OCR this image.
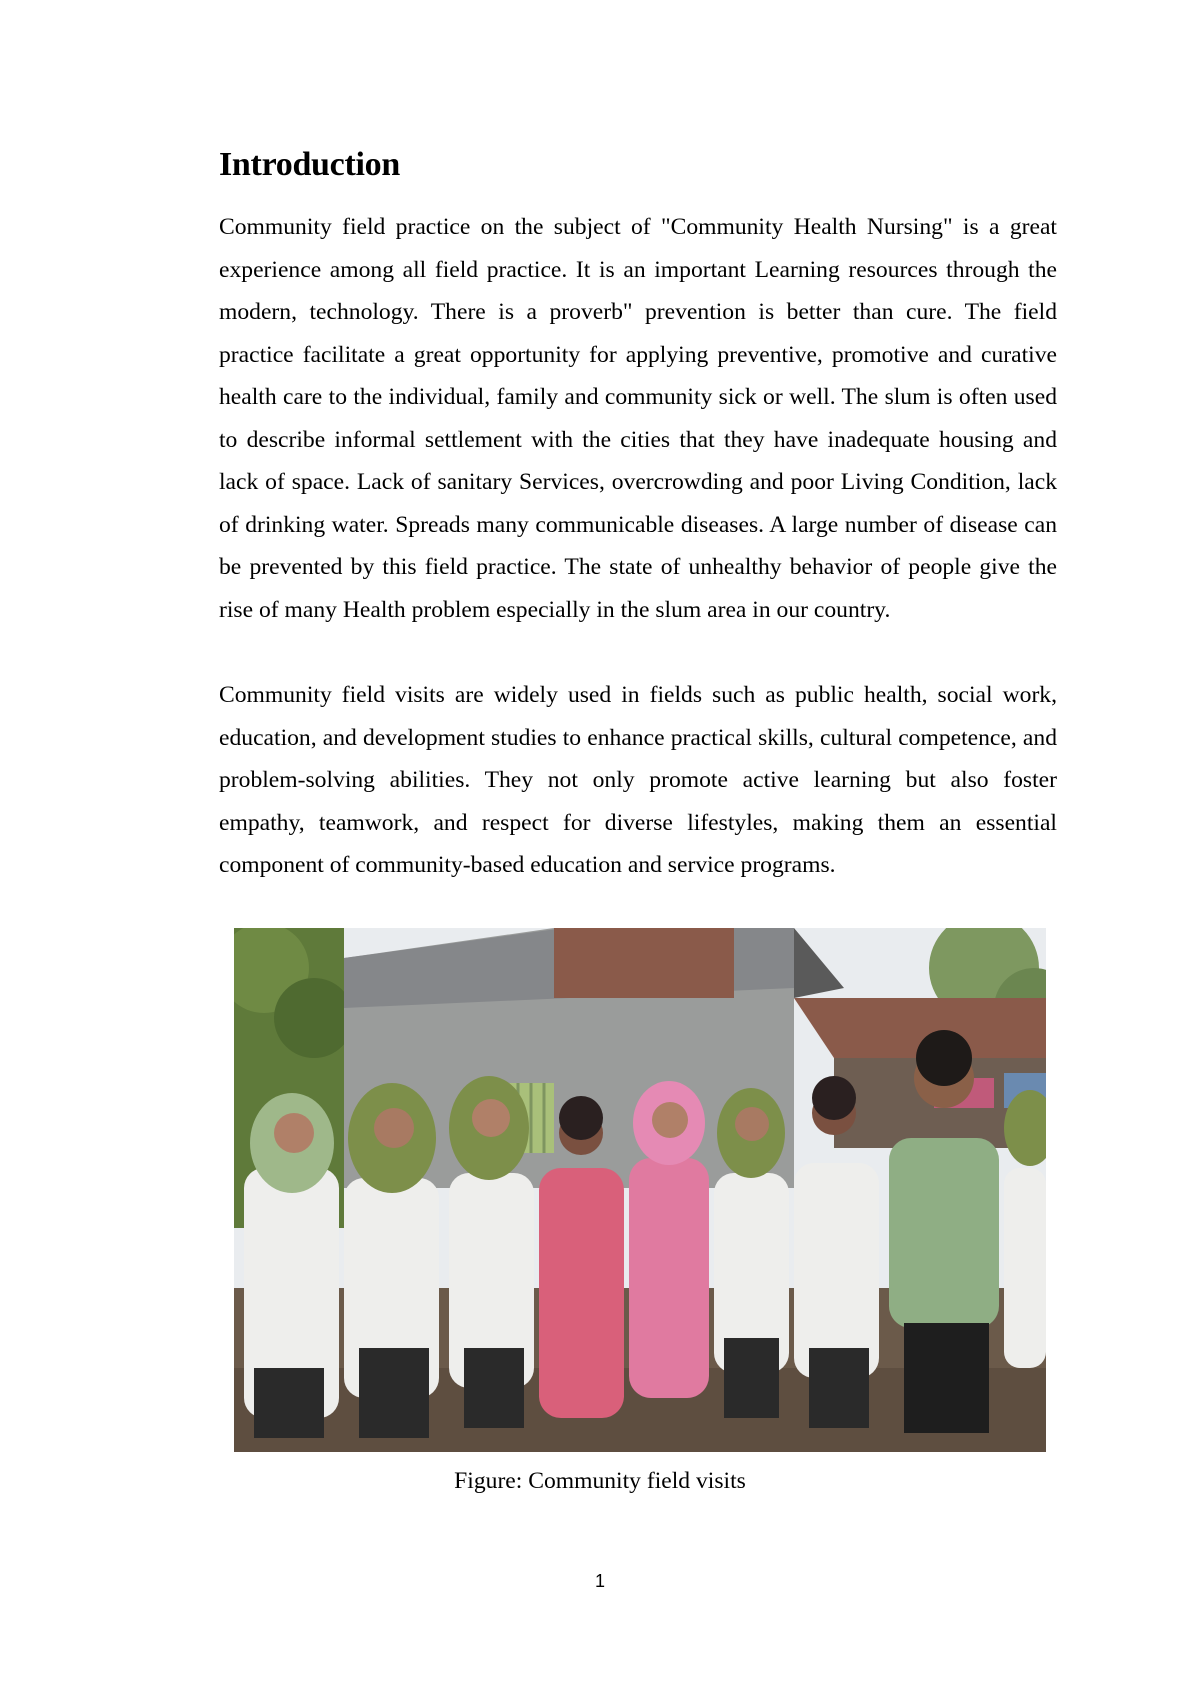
Introduction

Community field practice on the subject of "Community Health Nursing" is a great experience among all field practice. It is an important Learning resources through the modern, technology. There is a proverb" prevention is better than cure. The field practice facilitate a great opportunity for applying preventive, promotive and curative health care to the individual, family and community sick or well. The slum is often used to describe informal settlement with the cities that they have inadequate housing and lack of space. Lack of sanitary Services, overcrowding and poor Living Condition, lack of drinking water. Spreads many communicable diseases. A large number of disease can be prevented by this field practice. The state of unhealthy behavior of people give the rise of many Health problem especially in the slum area in our country.

Community field visits are widely used in fields such as public health, social work, education, and development studies to enhance practical skills, cultural competence, and problem-solving abilities. They not only promote active learning but also foster empathy, teamwork, and respect for diverse lifestyles, making them an essential component of community-based education and service programs.

Figure: Community field visits

1
